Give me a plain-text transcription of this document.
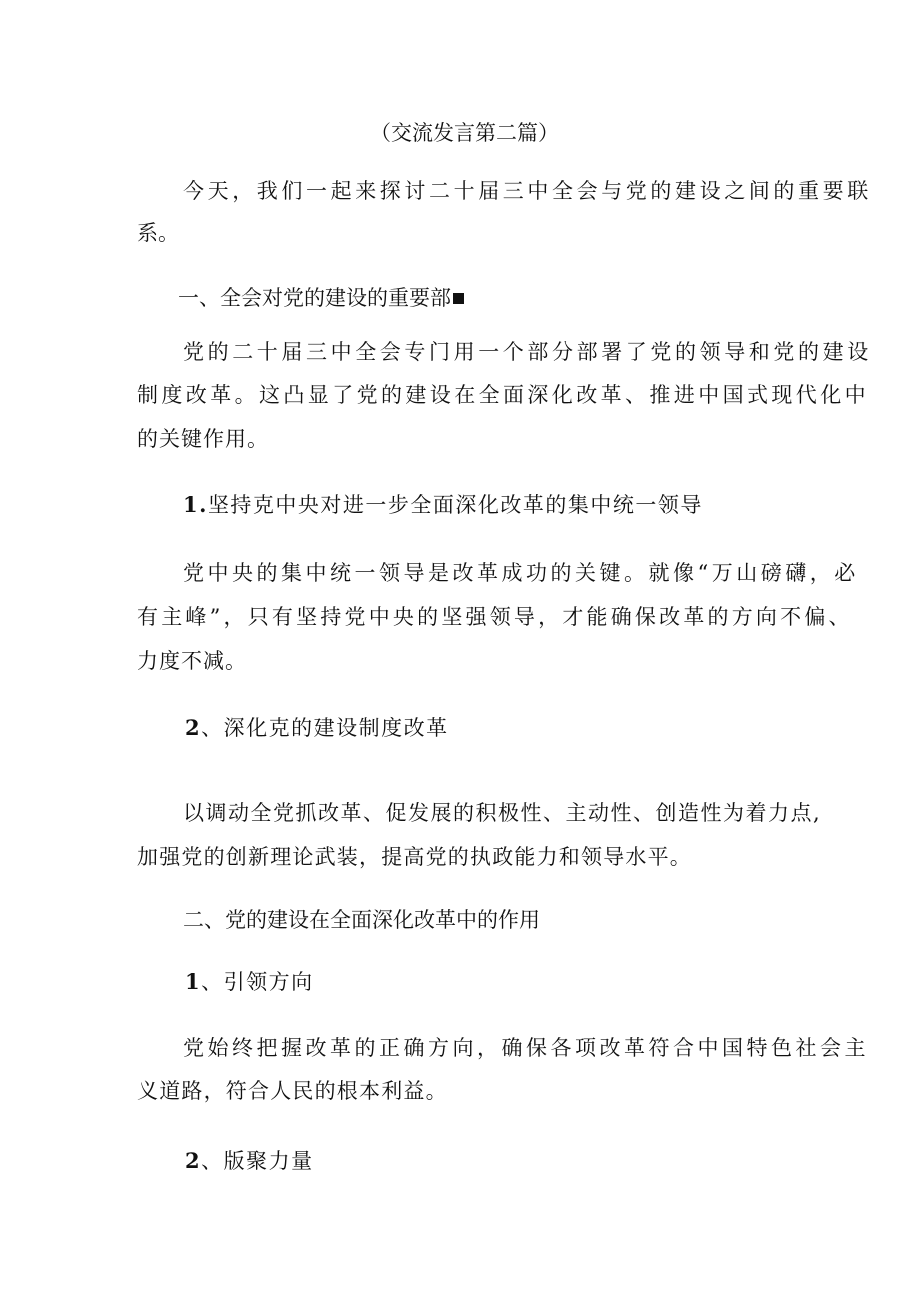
（交流发言第二篇）
今天，我们一起来探讨二十届三中全会与党的建设之间的重要联
系。
一、全会对党的建设的重要部
党的二十届三中全会专门用一个部分部署了党的领导和党的建设
制度改革。这凸显了党的建设在全面深化改革、推进中国式现代化中
的关键作用。
1.坚持克中央对进一步全面深化改革的集中统一领导
党中央的集中统一领导是改革成功的关键。就像“万山磅礴，必
有主峰”，只有坚持党中央的坚强领导，才能确保改革的方向不偏、
力度不减。
2、深化克的建设制度改革
以调动全党抓改革、促发展的积极性、主动性、创造性为着力点,
加强党的创新理论武装，提高党的执政能力和领导水平。
二、党的建设在全面深化改革中的作用
1、引领方向
党始终把握改革的正确方向，确保各项改革符合中国特色社会主
义道路，符合人民的根本利益。
2、版聚力量
